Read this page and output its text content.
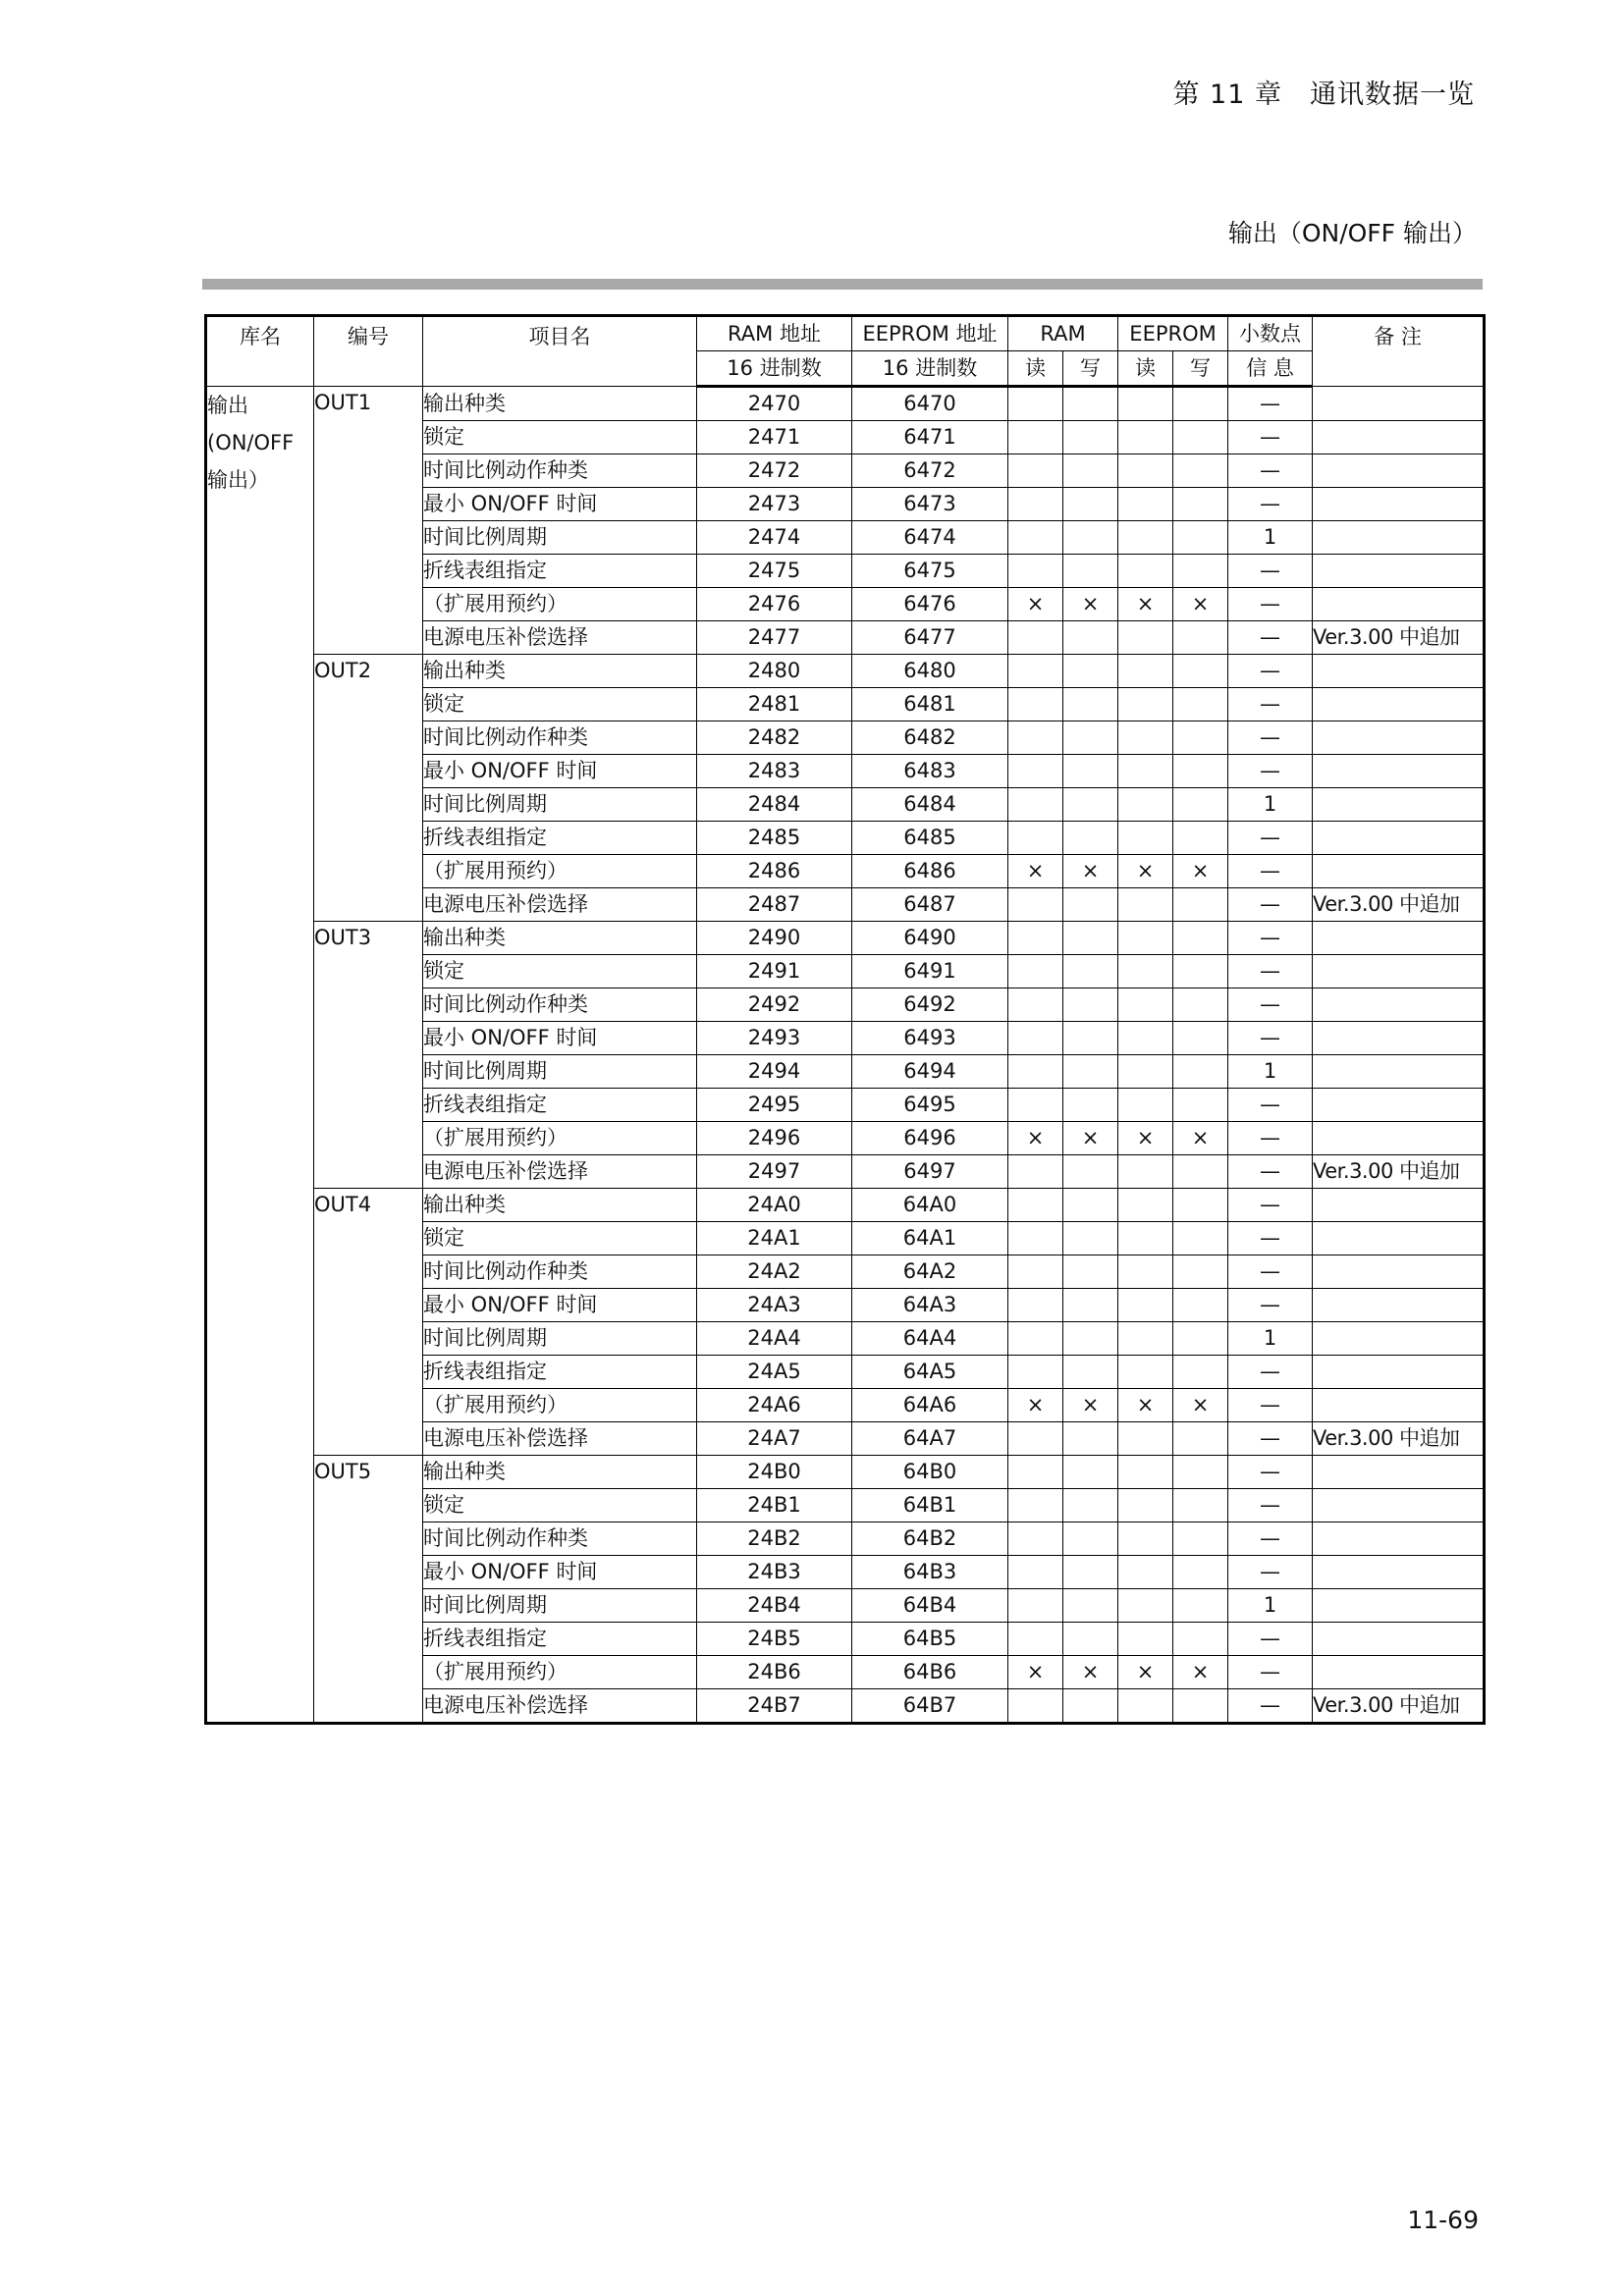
第 11 章　通讯数据一览
输出（ON/OFF 输出）
库名	编号	项目名	RAM 地址	EEPROM 地址	RAM		EEPROM		小数点	备 注

			16 进制数	16 进制数	读	写	读	写	信 息	

输出
(ON/OFF
输出）	OUT1	输出种类	2470	6470					—	
		锁定	2471	6471					—	
		时间比例动作种类	2472	6472					—	
		最小 ON/OFF 时间	2473	6473					—	
		时间比例周期	2474	6474					1	
		折线表组指定	2475	6475					—	
		（扩展用预约）	2476	6476	×	×	×	×	—	
		电源电压补偿选择	2477	6477					—	Ver.3.00 中追加
	OUT2	输出种类	2480	6480					—	
		锁定	2481	6481					—	
		时间比例动作种类	2482	6482					—	
		最小 ON/OFF 时间	2483	6483					—	
		时间比例周期	2484	6484					1	
		折线表组指定	2485	6485					—	
		（扩展用预约）	2486	6486	×	×	×	×	—	
		电源电压补偿选择	2487	6487					—	Ver.3.00 中追加
	OUT3	输出种类	2490	6490					—	
		锁定	2491	6491					—	
		时间比例动作种类	2492	6492					—	
		最小 ON/OFF 时间	2493	6493					—	
		时间比例周期	2494	6494					1	
		折线表组指定	2495	6495					—	
		（扩展用预约）	2496	6496	×	×	×	×	—	
		电源电压补偿选择	2497	6497					—	Ver.3.00 中追加
	OUT4	输出种类	24A0	64A0					—	
		锁定	24A1	64A1					—	
		时间比例动作种类	24A2	64A2					—	
		最小 ON/OFF 时间	24A3	64A3					—	
		时间比例周期	24A4	64A4					1	
		折线表组指定	24A5	64A5					—	
		（扩展用预约）	24A6	64A6	×	×	×	×	—	
		电源电压补偿选择	24A7	64A7					—	Ver.3.00 中追加
	OUT5	输出种类	24B0	64B0					—	
		锁定	24B1	64B1					—	
		时间比例动作种类	24B2	64B2					—	
		最小 ON/OFF 时间	24B3	64B3					—	
		时间比例周期	24B4	64B4					1	
		折线表组指定	24B5	64B5					—	
		（扩展用预约）	24B6	64B6	×	×	×	×	—	
		电源电压补偿选择	24B7	64B7					—	Ver.3.00 中追加
11-69
